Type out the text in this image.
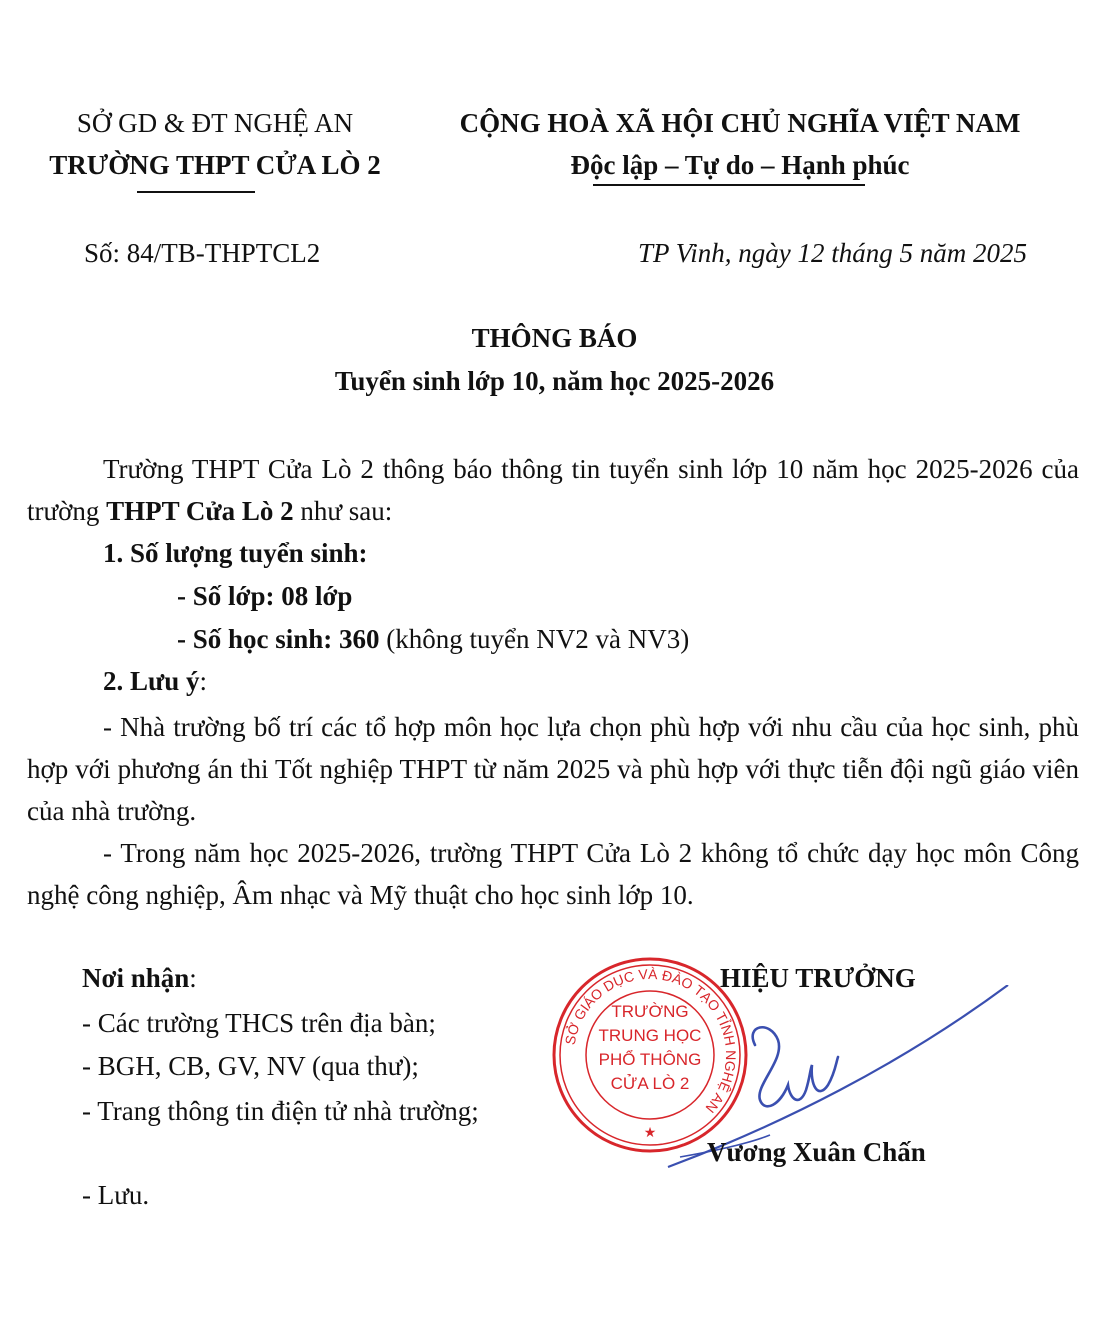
SỞ GD & ĐT NGHỆ AN
TRƯỜNG THPT CỬA LÒ 2
CỘNG HOÀ XÃ HỘI CHỦ NGHĨA VIỆT NAM
Độc lập – Tự do – Hạnh phúc
Số: 84/TB-THPTCL2	TP Vinh, ngày 12 tháng 5 năm 2025
THÔNG BÁO
Tuyển sinh lớp 10, năm học 2025-2026
Trường THPT Cửa Lò 2 thông báo thông tin tuyển sinh lớp 10 năm học 2025-2026 của trường THPT Cửa Lò 2 như sau:
1. Số lượng tuyển sinh:
- Số lớp: 08 lớp
- Số học sinh: 360 (không tuyển NV2 và NV3)
2. Lưu ý:
- Nhà trường bố trí các tổ hợp môn học lựa chọn phù hợp với nhu cầu của học sinh, phù hợp với phương án thi Tốt nghiệp THPT từ năm 2025 và phù hợp với thực tiễn đội ngũ giáo viên của nhà trường.
- Trong năm học 2025-2026, trường THPT Cửa Lò 2 không tổ chức dạy học môn Công nghệ công nghiệp, Âm nhạc và Mỹ thuật cho học sinh lớp 10.
Nơi nhận:
- Các trường THCS trên địa bàn;
- BGH, CB, GV, NV (qua thư);
- Trang thông tin điện tử nhà trường;
- Lưu.
HIỆU TRƯỞNG
SỞ GIÁO DỤC VÀ ĐÀO TẠO TỈNH NGHỆ AN
TRƯỜNG
TRUNG HỌC
PHỔ THÔNG
CỬA LÒ 2
★
Vương Xuân Chấn
